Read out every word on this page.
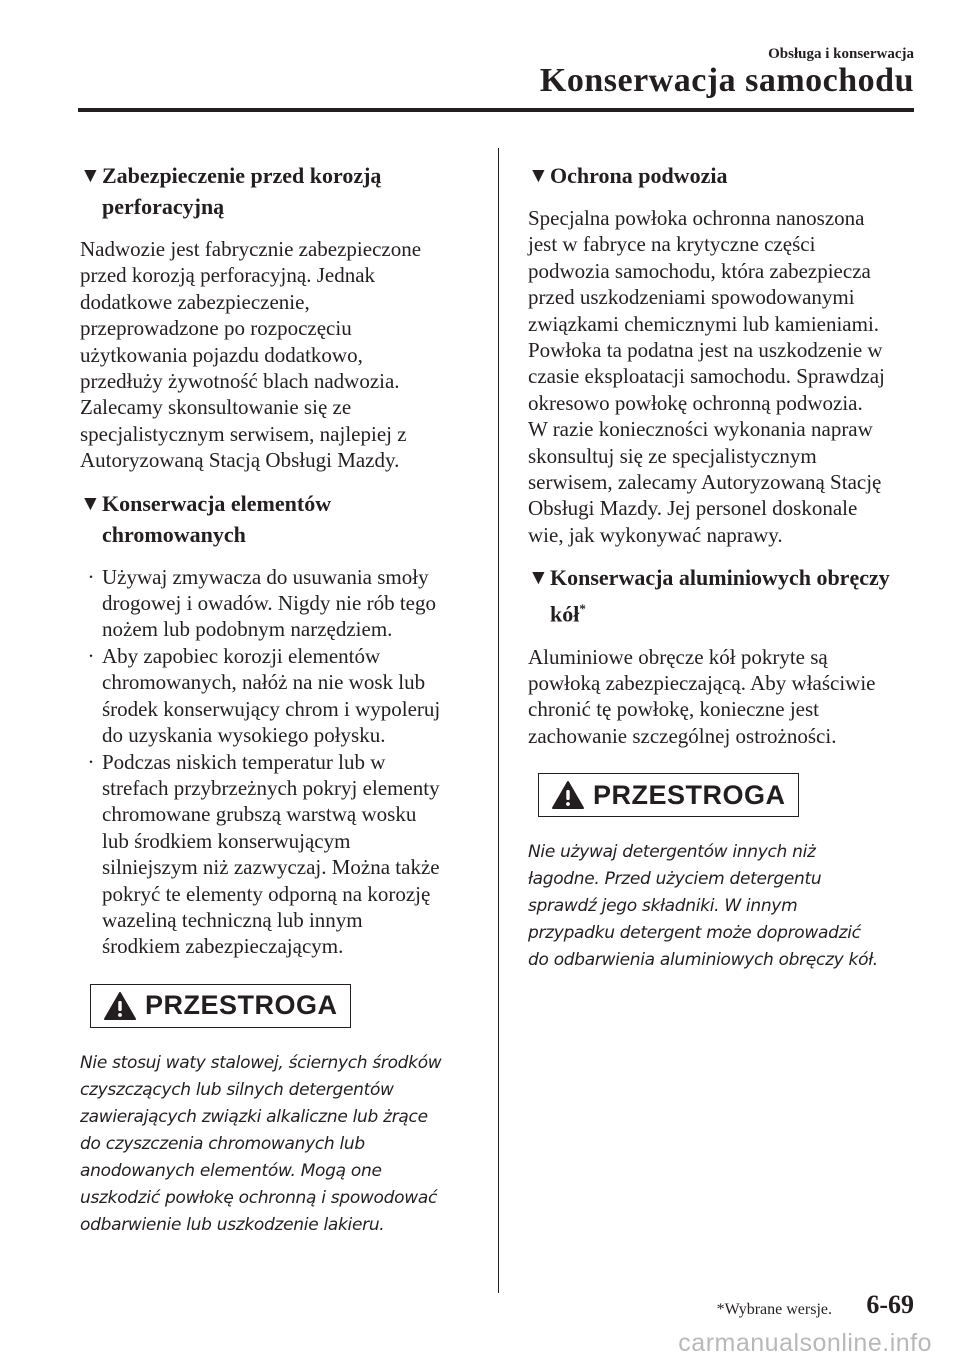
Obsługa i konserwacja
Konserwacja samochodu
▼ Zabezpieczenie przed korozją perforacyjną
Nadwozie jest fabrycznie zabezpieczone
przed korozją perforacyjną. Jednak
dodatkowe zabezpieczenie,
przeprowadzone po rozpoczęciu
użytkowania pojazdu dodatkowo,
przedłuży żywotność blach nadwozia.
Zalecamy skonsultowanie się ze
specjalistycznym serwisem, najlepiej z
Autoryzowaną Stacją Obsługi Mazdy.
▼ Konserwacja elementów chromowanych
· Używaj zmywacza do usuwania smoły
drogowej i owadów. Nigdy nie rób tego
nożem lub podobnym narzędziem.
· Aby zapobiec korozji elementów
chromowanych, nałóż na nie wosk lub
środek konserwujący chrom i wypoleruj
do uzyskania wysokiego połysku.
· Podczas niskich temperatur lub w
strefach przybrzeżnych pokryj elementy
chromowane grubszą warstwą wosku
lub środkiem konserwującym
silniejszym niż zazwyczaj. Można także
pokryć te elementy odporną na korozję
wazeliną techniczną lub innym
środkiem zabezpieczającym.
PRZESTROGA
Nie stosuj waty stalowej, ściernych środków
czyszczących lub silnych detergentów
zawierających związki alkaliczne lub żrące
do czyszczenia chromowanych lub
anodowanych elementów. Mogą one
uszkodzić powłokę ochronną i spowodować
odbarwienie lub uszkodzenie lakieru.
▼ Ochrona podwozia
Specjalna powłoka ochronna nanoszona
jest w fabryce na krytyczne części
podwozia samochodu, która zabezpiecza
przed uszkodzeniami spowodowanymi
związkami chemicznymi lub kamieniami.
Powłoka ta podatna jest na uszkodzenie w
czasie eksploatacji samochodu. Sprawdzaj
okresowo powłokę ochronną podwozia.
W razie konieczności wykonania napraw
skonsultuj się ze specjalistycznym
serwisem, zalecamy Autoryzowaną Stację
Obsługi Mazdy. Jej personel doskonale
wie, jak wykonywać naprawy.
▼ Konserwacja aluminiowych obręczy
kół*
Aluminiowe obręcze kół pokryte są
powłoką zabezpieczającą. Aby właściwie
chronić tę powłokę, konieczne jest
zachowanie szczególnej ostrożności.
PRZESTROGA
Nie używaj detergentów innych niż
łagodne. Przed użyciem detergentu
sprawdź jego składniki. W innym
przypadku detergent może doprowadzić
do odbarwienia aluminiowych obręczy kół.
*Wybrane wersje. 6-69
carmanualsonline.info
